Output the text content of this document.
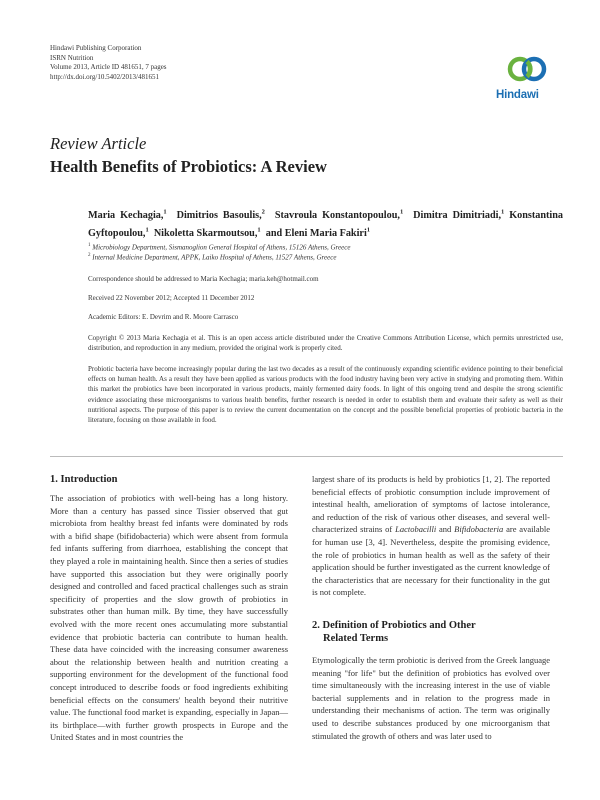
Hindawi Publishing Corporation
ISRN Nutrition
Volume 2013, Article ID 481651, 7 pages
http://dx.doi.org/10.5402/2013/481651
Hindawi
Review Article
Health Benefits of Probiotics: A Review
Maria Kechagia,$^1$ Dimitrios Basoulis,$^2$ Stavroula Konstantopoulou,$^1$ Dimitra Dimitriadi,$^1$ Konstantina Gyftopoulou,$^1$ Nikoletta Skarmoutsou,$^1$ and Eleni Maria Fakiri$^1$
$^1$ Microbiology Department, Sismanoglion General Hospital of Athens, 15126 Athens, Greece
$^2$ Internal Medicine Department, APPK, Laiko Hospital of Athens, 11527 Athens, Greece
Correspondence should be addressed to Maria Kechagia; maria.keh@hotmail.com
Received 22 November 2012; Accepted 11 December 2012
Academic Editors: E. Devrim and R. Moore Carrasco
Copyright © 2013 Maria Kechagia et al. This is an open access article distributed under the Creative Commons Attribution License, which permits unrestricted use, distribution, and reproduction in any medium, provided the original work is properly cited.
Probiotic bacteria have become increasingly popular during the last two decades as a result of the continuously expanding scientific evidence pointing to their beneficial effects on human health. As a result they have been applied as various products with the food industry having been very active in studying and promoting them. Within this market the probiotics have been incorporated in various products, mainly fermented dairy foods. In light of this ongoing trend and despite the strong scientific evidence associating these microorganisms to various health benefits, further research is needed in order to establish them and evaluate their safety as well as their nutritional aspects. The purpose of this paper is to review the current documentation on the concept and the possible beneficial properties of probiotic bacteria in the literature, focusing on those available in food.
1. Introduction

The association of probiotics with well-being has a long history. More than a century has passed since Tissier observed that gut microbiota from healthy breast fed infants were dominated by rods with a bifid shape (bifidobacteria) which were absent from formula fed infants suffering from diarrhoea, establishing the concept that they played a role in maintaining health. Since then a series of studies have supported this association but they were originally poorly designed and controlled and faced practical challenges such as strain specificity of properties and the slow growth of probiotics in substrates other than human milk. By time, they have successfully evolved with the more recent ones accumulating more substantial evidence that probiotic bacteria can contribute to human health. These data have coincided with the increasing consumer awareness about the relationship between health and nutrition creating a supporting environment for the development of the functional food concept introduced to describe foods or food ingredients exhibiting beneficial effects on the consumers' health beyond their nutritive value. The functional food market is expanding, especially in Japan—its birthplace—with further growth prospects in Europe and the United States and in most countries the

largest share of its products is held by probiotics [1, 2]. The reported beneficial effects of probiotic consumption include improvement of intestinal health, amelioration of symptoms of lactose intolerance, and reduction of the risk of various other diseases, and several well-characterized strains of Lactobacilli and Bifidobacteria are available for human use [3, 4]. Nevertheless, despite the promising evidence, the role of probiotics in human health as well as the safety of their application should be further investigated as the current knowledge of the characteristics that are necessary for their functionality in the gut is not complete.

2. Definition of Probiotics and Other
Related Terms

Etymologically the term probiotic is derived from the Greek language meaning "for life" but the definition of probiotics has evolved over time simultaneously with the increasing interest in the use of viable bacterial supplements and in relation to the progress made in understanding their mechanisms of action. The term was originally used to describe substances produced by one microorganism that stimulated the growth of others and was later used to
